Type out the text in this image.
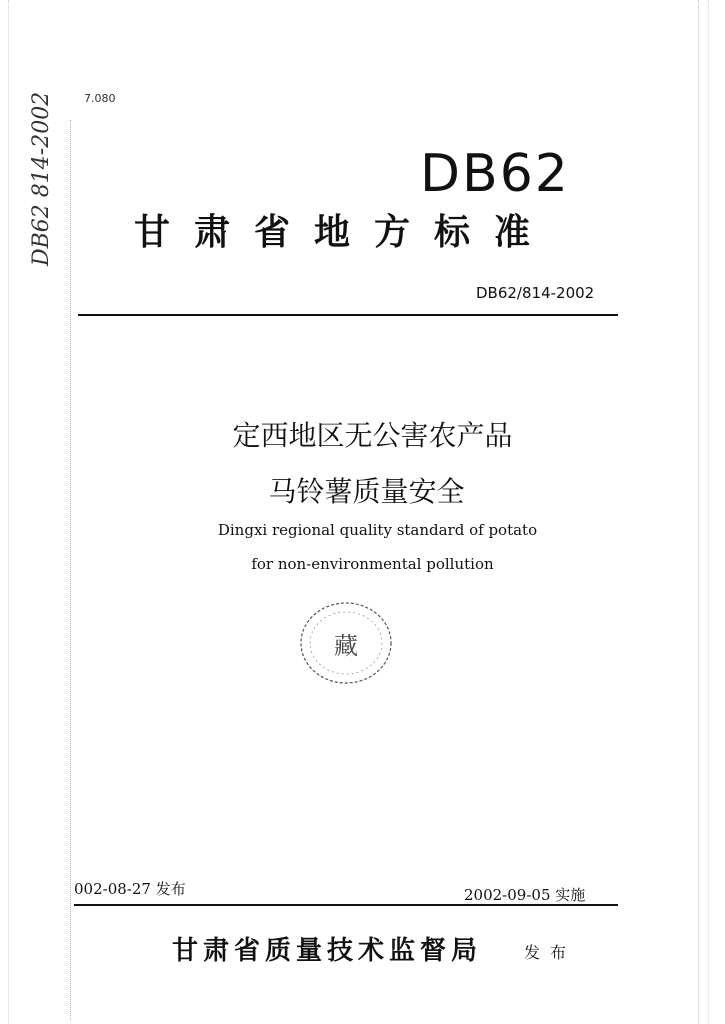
DB62 814-2002	7.080
DB62
甘肃省地方标准
DB62/814-2002
定西地区无公害农产品
马铃薯质量安全
Dingxi regional quality standard of potato
for non-environmental pollution
藏
002-08-27 发布	2002-09-05 实施
甘肃省质量技术监督局	发布
